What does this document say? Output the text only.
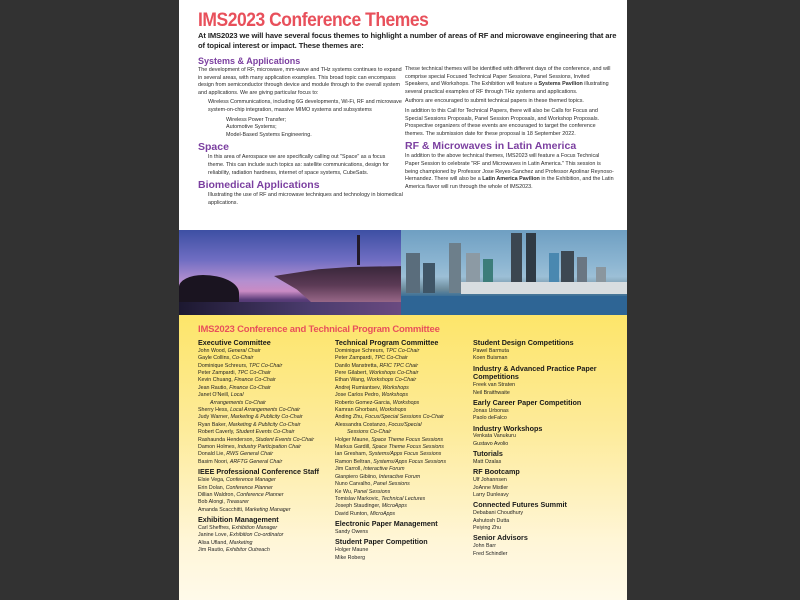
IMS2023 Conference Themes
At IMS2023 we will have several focus themes to highlight a number of areas of RF and microwave engineering that are of topical interest or impact. These themes are:
Systems & Applications

The development of RF, microwave, mm-wave and THz systems continues to expand in several areas, with many application examples. This broad topic can encompass design from semiconductor through device and module through to the overall system and applications. We are giving particular focus to:

Wireless Communications, including 6G developments, Wi-Fi, RF and microwave system-on-chip integration, massive MIMO systems and subsystems

Wireless Power Transfer;
Automotive Systems;
Model-Based Systems Engineering.
Space

In this area of Aerospace we are specifically calling out "Space" as a focus theme. This can include such topics as: satellite communications, design for reliability, radiation hardness, internet of space systems, CubeSats.

Biomedical Applications

Illustrating the use of RF and microwave techniques and technology in biomedical applications.

These technical themes will be identified with different days of the conference, and will comprise special Focused Technical Paper Sessions, Panel Sessions, Invited Speakers, and Workshops. The Exhibition will feature a Systems Pavilion illustrating several practical examples of RF through THz systems and applications.

Authors are encouraged to submit technical papers in these themed topics.

In addition to this Call for Technical Papers, there will also be Calls for Focus and Special Sessions Proposals, Panel Session Proposals, and Workshop Proposals. Prospective organizers of these events are encouraged to target the conference themes. The submission date for these proposal is 18 September 2022.

RF & Microwaves in Latin America

In addition to the above technical themes, IMS2023 will feature a Focus Technical Paper Session to celebrate "RF and Microwaves in Latin America." This session is being championed by Professor Jose Reyes-Sanchez and Professor Apolinar Reynoso-Hernandez. There will also be a Latin America Pavilion in the Exhibition, and the Latin America flavor will run through the whole of IMS2023.

IMS2023 Conference and Technical Program Committee
Executive Committee
John Wood, General Chair
Gayle Collins, Co-Chair
Dominique Schreurs, TPC Co-Chair
Peter Zampardi, TPC Co-Chair
Kevin Chuang, Finance Co-Chair
Jean Rautio, Finance Co-Chair
Janet O'Neill, Local
Arrangements Co-Chair
Sherry Hess, Local Arrangements Co-Chair
Judy Warner, Marketing & Publicity Co-Chair
Ryan Baker, Marketing & Publicity Co-Chair
Robert Caverly, Student Events Co-Chair
Rashaunda Henderson, Student Events Co-Chair
Damon Holmes, Industry Participation Chair
Donald Lie, RWS General Chair
Basim Noori, ARFTG General Chair
IEEE Professional Conference Staff
Elsie Vega, Conference Manager
Erin Dolan, Conference Planner
Dillian Waldron, Conference Planner
Bob Alongi, Treasurer
Amanda Scacchitti, Marketing Manager
Exhibition Management
Carl Sheffres, Exhibition Manager
Janine Love, Exhibition Co-ordinator
Alisa Ufland, Marketing
Jim Rautio, Exhibitor Outreach
Technical Program Committee
Dominique Schreurs, TPC Co-Chair
Peter Zampardi, TPC Co-Chair
Danilo Manstretta, RFIC TPC Chair
Pere Gilabert, Workshops Co-Chair
Ethan Wang, Workshops Co-Chair
Andrej Rumiantsev, Workshops
Jose Carlos Pedro, Workshops
Roberto Gomez-Garcia, Workshops
Kamran Ghorbani, Workshops
Anding Zhu, Focus/Special Sessions Co-Chair
Alessandra Costanzo, Focus/Special
Sessions Co-Chair
Holger Maune, Space Theme Focus Sessions
Markus Gardill, Space Theme Focus Sessions
Ian Gresham, Systems/Apps Focus Sessions
Ramon Beltran, Systems/Apps Focus Sessions
Jim Carroll, Interactive Forum
Gianpiero Gibiino, Interactive Forum
Nuno Carvalho, Panel Sessions
Ke Wu, Panel Sessions
Tomislav Markovic, Technical Lectures
Joseph Staudinger, MicroApps
David Runton, MicroApps
Electronic Paper Management
Sandy Owens
Student Paper Competition
Holger Maune
Mike Roberg
Student Design Competitions
Pawel Barmuta
Koen Buisman
Industry & Advanced Practice Paper Competitions
Freek van Straten
Neil Braithwaite
Early Career Paper Competition
Jonas Urbonas
Paolo deFalco
Industry Workshops
Venkata Vanukuru
Gustavo Avolio
Tutorials
Matt Ozalas
RF Bootcamp
Ulf Johannsen
JoAnne Mistler
Larry Dunleavy
Connected Futures Summit
Debabani Choudhury
Ashutosh Dutta
Peiying Zhu
Senior Advisors
John Barr
Fred Schindler
